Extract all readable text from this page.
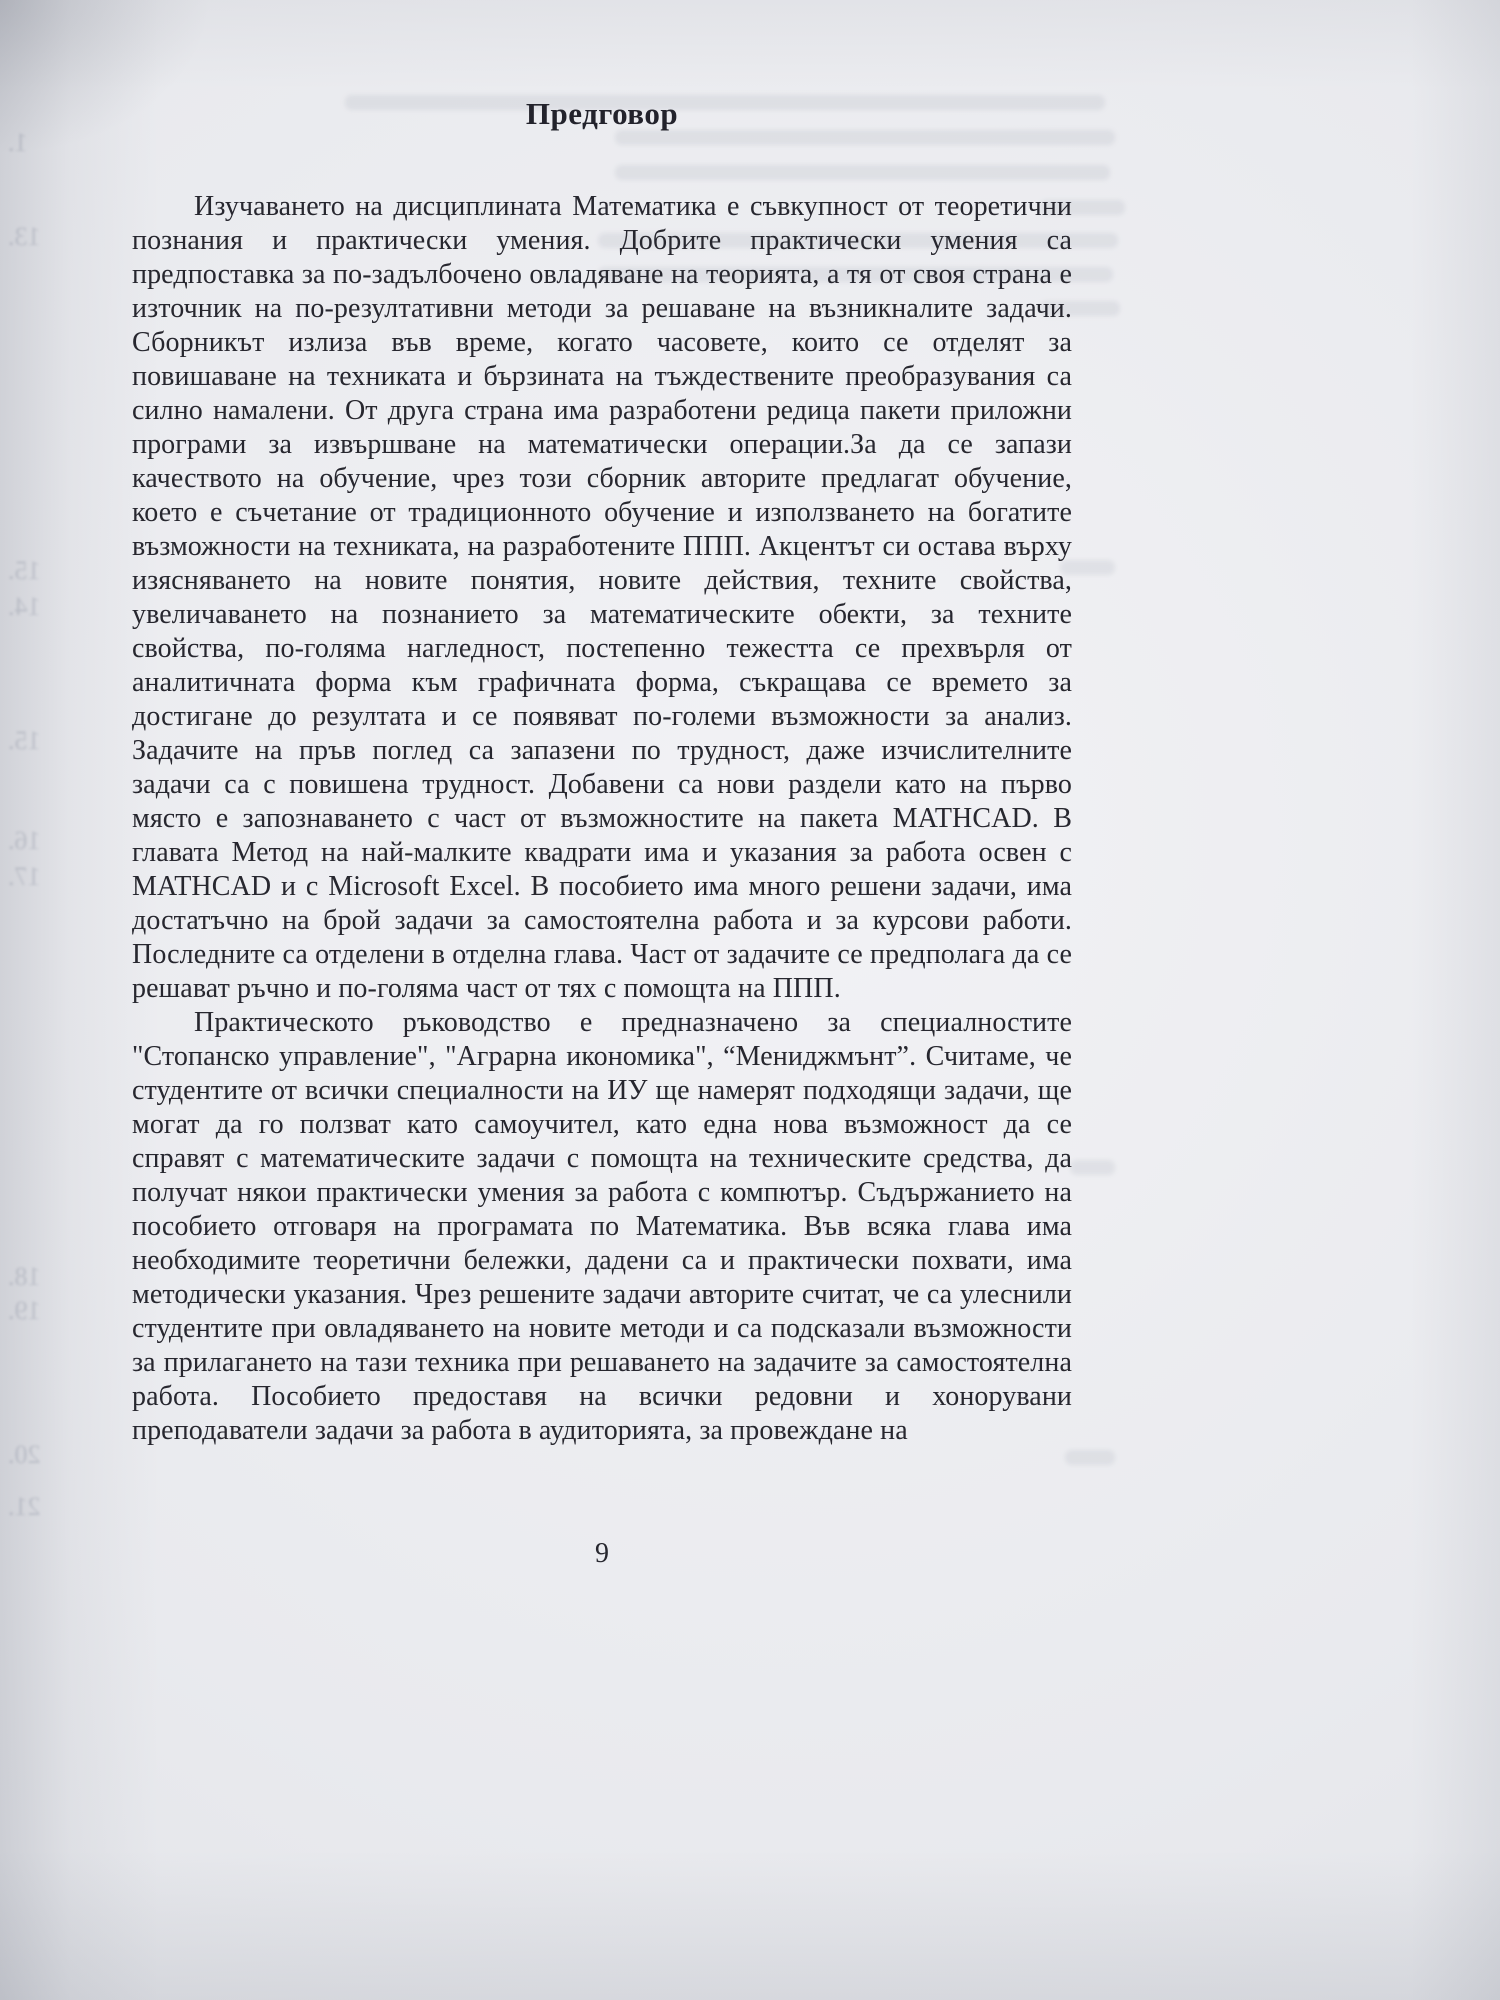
1.
13.
15.
14.
15.
16.
17.
18.
19.
20.
21.
Предговор

Изучаването на дисциплината Математика е съвкупност от теоретични познания и практически умения. Добрите практически умения са предпоставка за по-задълбочено овладяване на теорията, а тя от своя страна е източник на по-резултативни методи за решаване на възникналите задачи. Сборникът излиза във време, когато часовете, които се отделят за повишаване на техниката и бързината на тъждествените преобразувания са силно намалени. От друга страна има разработени редица пакети приложни програми за извършване на математически операции.За да се запази качеството на обучение, чрез този сборник авторите предлагат обучение, което е съчетание от традиционното обучение и използването на богатите възможности на техниката, на разработените ППП. Акцентът си остава върху изясняването на новите понятия, новите действия, техните свойства, увеличаването на познанието за математическите обекти, за техните свойства, по-голяма нагледност, постепенно тежестта се прехвърля от аналитичната форма към графичната форма, съкращава се времето за достигане до резултата и се появяват по-големи възможности за анализ. Задачите на пръв поглед са запазени по трудност, даже изчислителните задачи са с повишена трудност. Добавени са нови раздели като на първо място е запознаването с част от възможностите на пакета MATHCAD. В главата Метод на най-малките квадрати има и указания за работа освен с MATHCAD и с Microsoft Excel. В пособието има много решени задачи, има достатъчно на брой задачи за самостоятелна работа и за курсови работи. Последните са отделени в отделна глава. Част от задачите се предполага да се решават ръчно и по-голяма част от тях с помощта на ППП.

Практическото ръководство е предназначено за специалностите "Стопанско управление", "Аграрна икономика", “Мениджмънт”. Считаме, че студентите от всички специалности на ИУ ще намерят подходящи задачи, ще могат да го ползват като самоучител, като една нова възможност да се справят с математическите задачи с помощта на техническите средства, да получат някои практически умения за работа с компютър. Съдържанието на пособието отговаря на програмата по Математика. Във всяка глава има необходимите теоретични бележки, дадени са и практически похвати, има методически указания. Чрез решените задачи авторите считат, че са улеснили студентите при овладяването на новите методи и са подсказали възможности за прилагането на тази техника при решаването на задачите за самостоятелна работа. Пособието предоставя на всички редовни и хонорувани преподаватели задачи за работа в аудиторията, за провеждане на

9
